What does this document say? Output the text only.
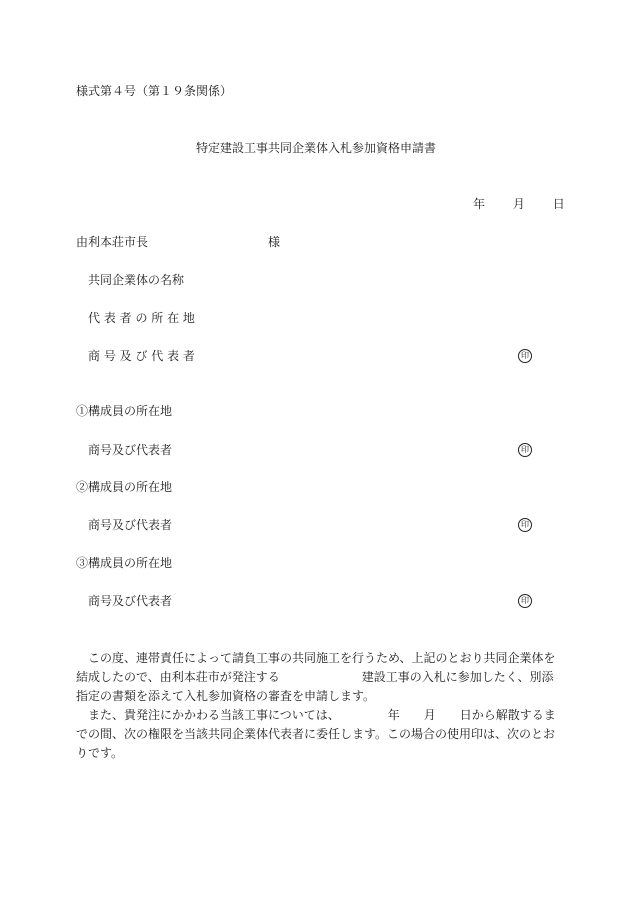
様式第４号（第１９条関係）
特定建設工事共同企業体入札参加資格申請書
年 月 日
由利本荘市長	様
共同企業体の名称
代 表 者 の 所 在 地
商 号 及 び 代 表 者	印
①構成員の所在地
商号及び代表者	印
②構成員の所在地
商号及び代表者	印
③構成員の所在地
商号及び代表者	印

この度、連帯責任によって請負工事の共同施工を行うため、上記のとおり共同企業体を結成したので、由利本荘市が発注する	建設工事の入札に参加したく、別添指定の書類を添えて入札参加資格の審査を申請します。

また、貴発注にかかわる当該工事については、	年 月 日から解散するまでの間、次の権限を当該共同企業体代表者に委任します。この場合の使用印は、次のとおりです。
